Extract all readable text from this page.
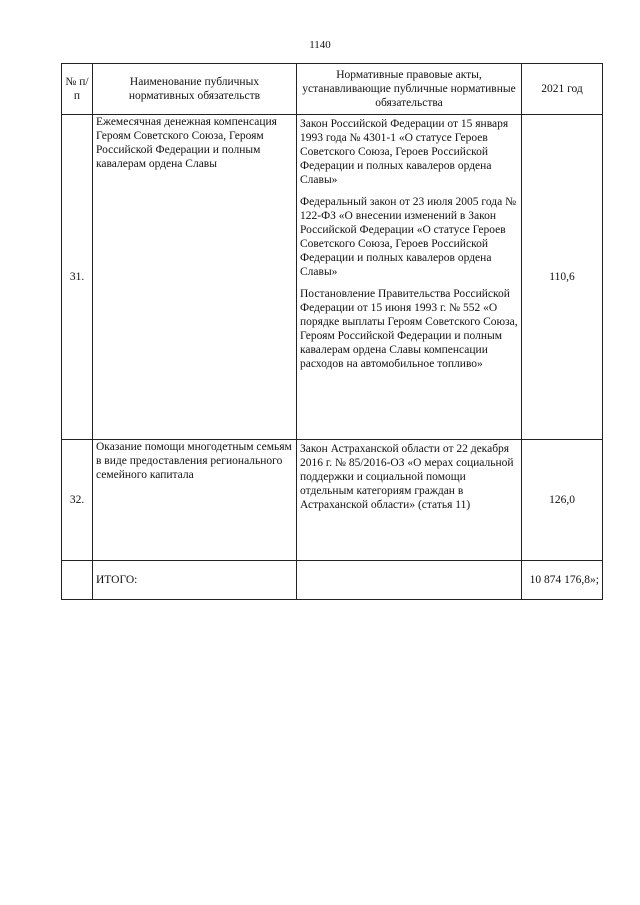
1140
№ п/п	Наименование публичных нормативных обязательств	Нормативные правовые акты, устанавливающие публичные нормативные обязательства	2021 год
31.	Ежемесячная денежная компенсация Героям Советского Союза, Героям Российской Федерации и полным кавалерам ордена Славы	Закон Российской Федерации от 15 января 1993 года № 4301-1 «О статусе Героев Советского Союза, Героев Российской Федерации и полных кавалеров ордена Славы»
Федеральный закон от 23 июля 2005 года № 122-ФЗ «О внесении изменений в Закон Российской Федерации «О статусе Героев Советского Союза, Героев Российской Федерации и полных кавалеров ордена Славы»
Постановление Правительства Российской Федерации от 15 июня 1993 г. № 552 «О порядке выплаты Героям Советского Союза, Героям Российской Федерации и полным кавалерам ордена Славы компенсации расходов на автомобильное топливо»	110,6
32.	Оказание помощи многодетным семьям в виде предоставления регионального семейного капитала	Закон Астраханской области от 22 декабря 2016 г. № 85/2016-ОЗ «О мерах социальной поддержки и социальной помощи отдельным категориям граждан в Астраханской области» (статья 11)	126,0
	ИТОГО:		10 874 176,8»;
